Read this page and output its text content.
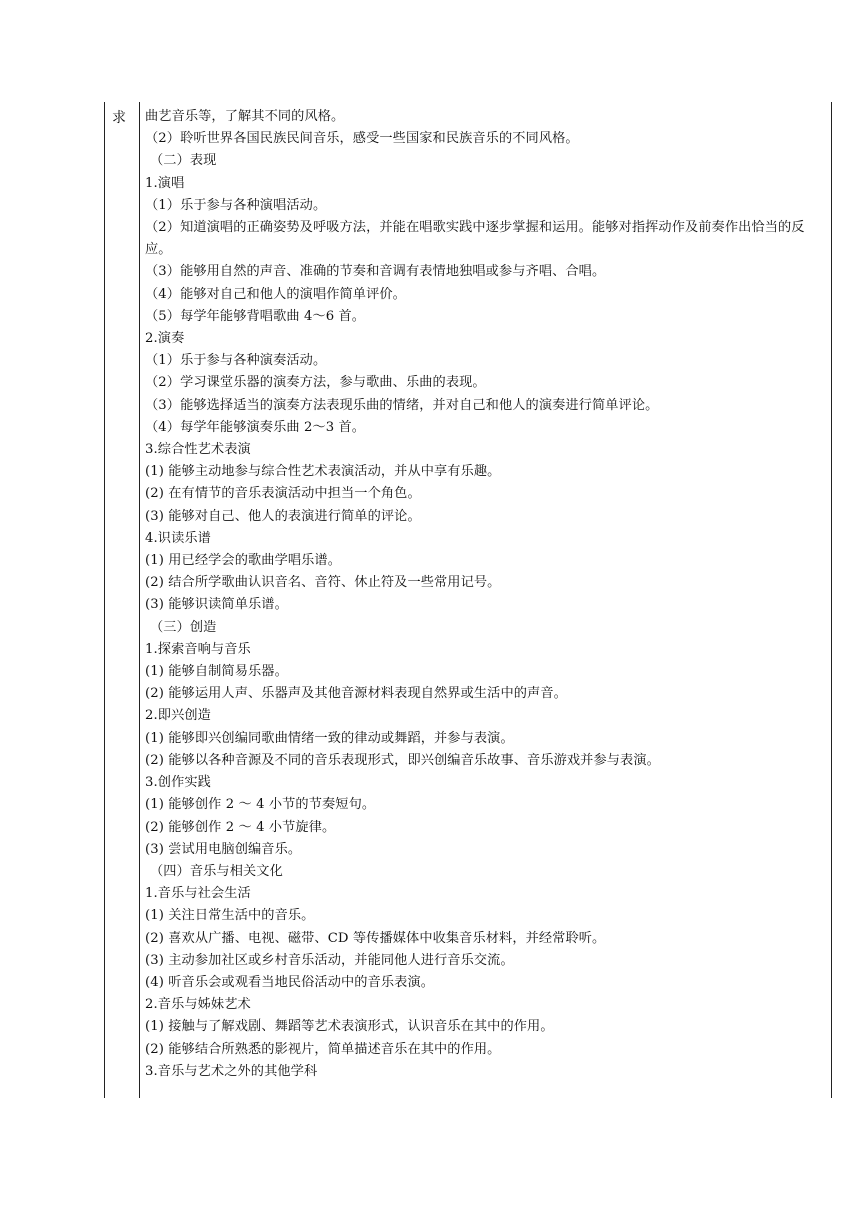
求 曲艺音乐等，了解其不同的风格。
（2）聆听世界各国民族民间音乐，感受一些国家和民族音乐的不同风格。
（二）表现
1.演唱
（1）乐于参与各种演唱活动。
（2）知道演唱的正确姿势及呼吸方法，并能在唱歌实践中逐步掌握和运用。能够对指挥动作及前奏作出恰当的反应。
（3）能够用自然的声音、准确的节奏和音调有表情地独唱或参与齐唱、合唱。
（4）能够对自己和他人的演唱作简单评价。
（5）每学年能够背唱歌曲 4～6 首。
2.演奏
（1）乐于参与各种演奏活动。
（2）学习课堂乐器的演奏方法，参与歌曲、乐曲的表现。
（3）能够选择适当的演奏方法表现乐曲的情绪，并对自己和他人的演奏进行简单评论。
（4）每学年能够演奏乐曲 2～3 首。
3.综合性艺术表演
(1) 能够主动地参与综合性艺术表演活动，并从中享有乐趣。
(2) 在有情节的音乐表演活动中担当一个角色。
(3) 能够对自己、他人的表演进行简单的评论。
4.识读乐谱
(1) 用已经学会的歌曲学唱乐谱。
(2) 结合所学歌曲认识音名、音符、休止符及一些常用记号。
(3) 能够识读简单乐谱。
（三）创造
1.探索音响与音乐
(1) 能够自制简易乐器。
(2) 能够运用人声、乐器声及其他音源材料表现自然界或生活中的声音。
2.即兴创造
(1) 能够即兴创编同歌曲情绪一致的律动或舞蹈，并参与表演。
(2) 能够以各种音源及不同的音乐表现形式，即兴创编音乐故事、音乐游戏并参与表演。
3.创作实践
(1) 能够创作 2 ～ 4 小节的节奏短句。
(2) 能够创作 2 ～ 4 小节旋律。
(3) 尝试用电脑创编音乐。
（四）音乐与相关文化
1.音乐与社会生活
(1) 关注日常生活中的音乐。
(2) 喜欢从广播、电视、磁带、CD 等传播媒体中收集音乐材料，并经常聆听。
(3) 主动参加社区或乡村音乐活动，并能同他人进行音乐交流。
(4) 听音乐会或观看当地民俗活动中的音乐表演。
2.音乐与姊妹艺术
(1) 接触与了解戏剧、舞蹈等艺术表演形式，认识音乐在其中的作用。
(2) 能够结合所熟悉的影视片，简单描述音乐在其中的作用。
3.音乐与艺术之外的其他学科
